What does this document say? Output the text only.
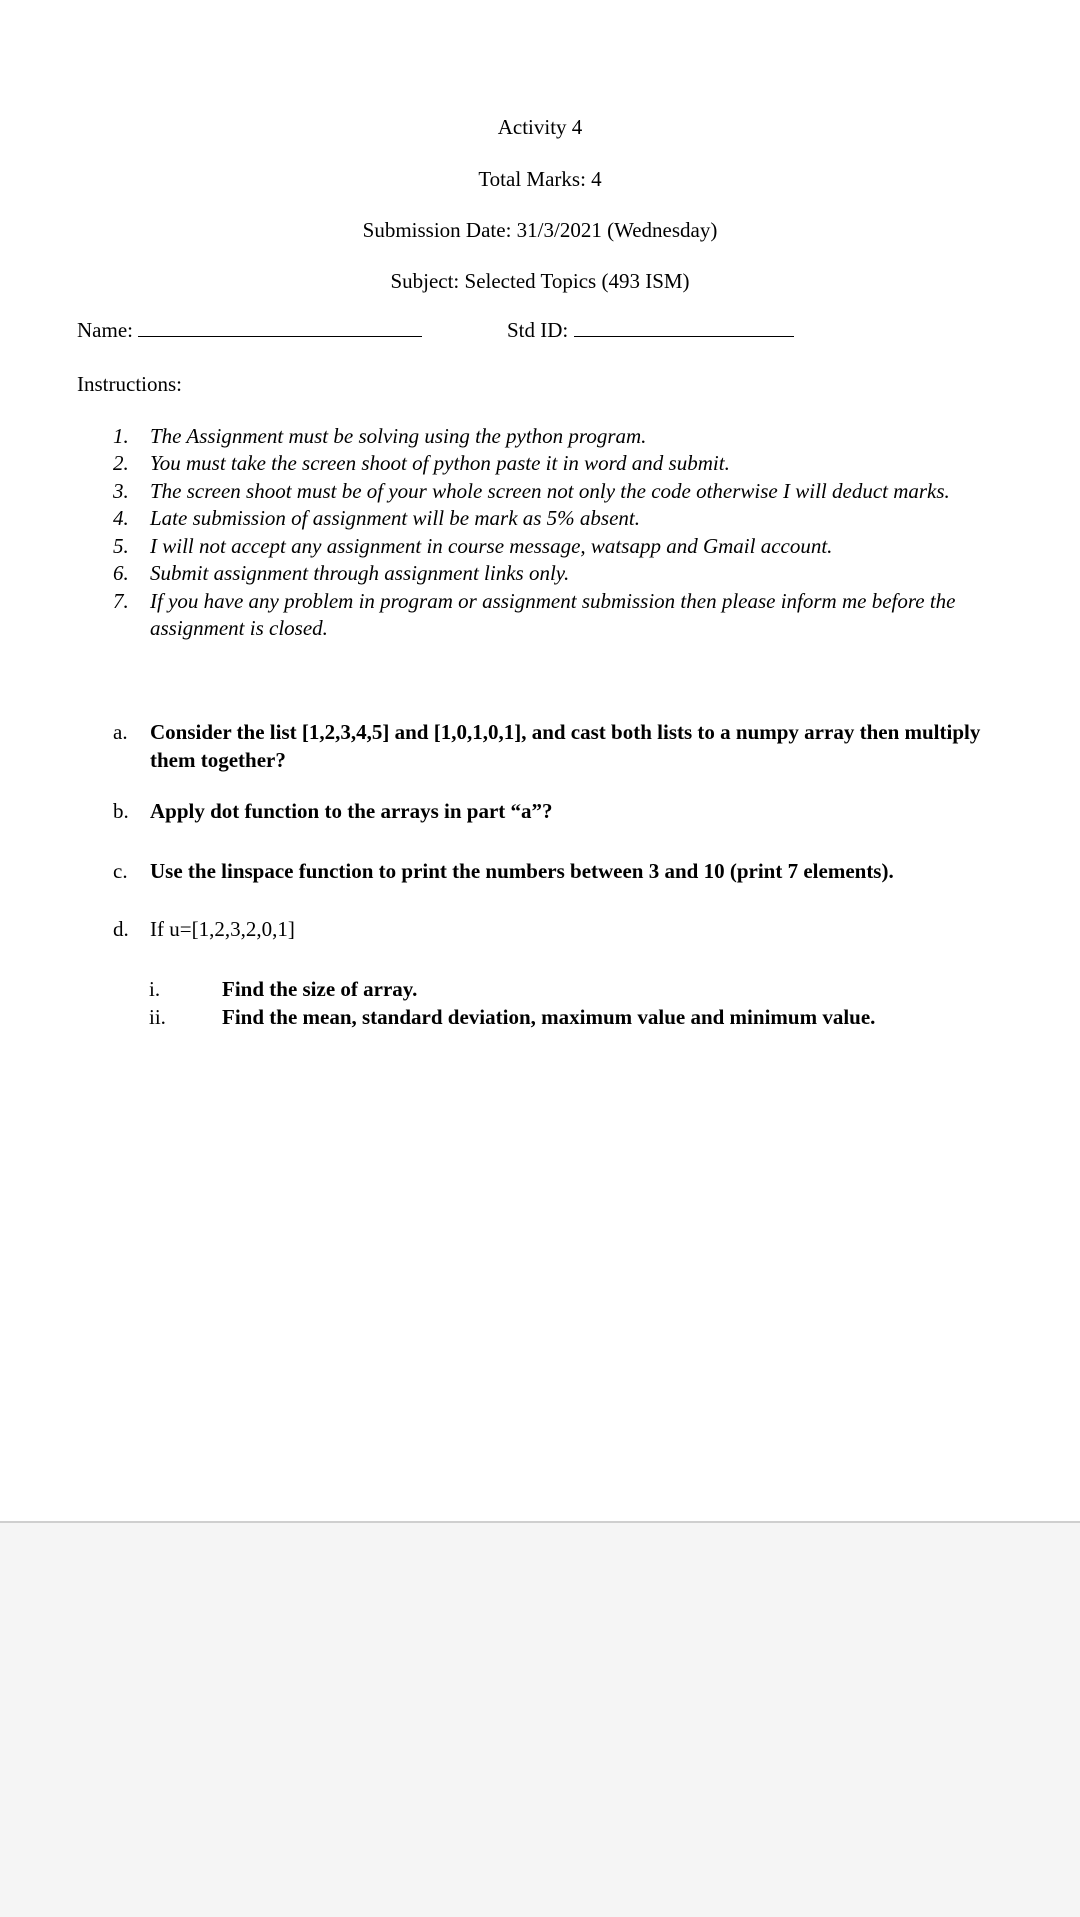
Activity 4
Total Marks: 4
Submission Date: 31/3/2021 (Wednesday)
Subject: Selected Topics (493 ISM)
Name:	Std ID:
Instructions:
1. The Assignment must be solving using the python program.
2. You must take the screen shoot of python paste it in word and submit.
3. The screen shoot must be of your whole screen not only the code otherwise I will deduct marks.
4. Late submission of assignment will be mark as 5% absent.
5. I will not accept any assignment in course message, watsapp and Gmail account.
6. Submit assignment through assignment links only.
7. If you have any problem in program or assignment submission then please inform me before the assignment is closed.
a. Consider the list [1,2,3,4,5] and [1,0,1,0,1], and cast both lists to a numpy array then multiply them together?
b. Apply dot function to the arrays in part “a”?
c. Use the linspace function to print the numbers between 3 and 10 (print 7 elements).
d. If u=[1,2,3,2,0,1]
i.	Find the size of array.
ii.	Find the mean, standard deviation, maximum value and minimum value.
